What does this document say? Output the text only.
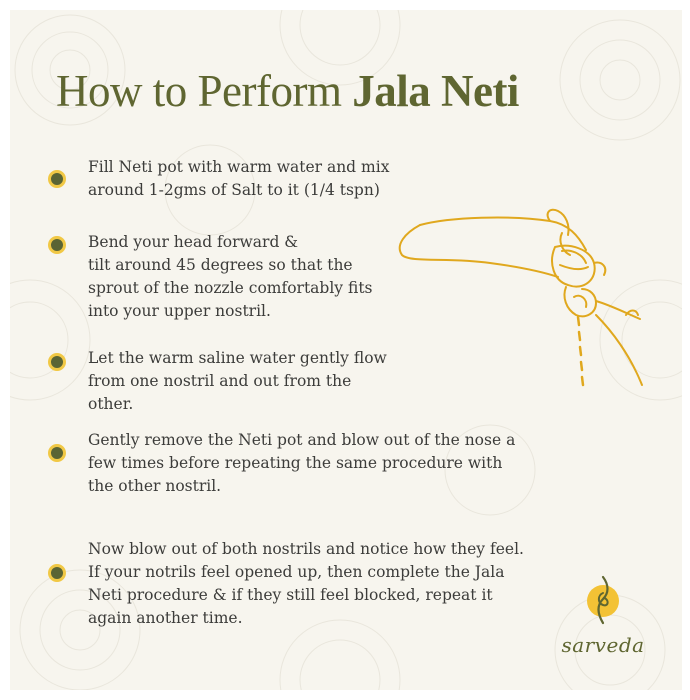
How to Perform Jala Neti

Fill Neti pot with warm water and mix
around 1-2gms of Salt to it (1/4 tspn)

Bend your head forward &
tilt around 45 degrees so that the
sprout of the nozzle comfortably fits
into your upper nostril.

Let the warm saline water gently flow
from one nostril and out from the
other.

Gently remove the Neti pot and blow out of the nose a
few times before repeating the same procedure with
the other nostril.

Now blow out of both nostrils and notice how they feel.
If your notrils feel opened up, then complete the Jala
Neti procedure & if they still feel blocked, repeat it
again another time.

sarveda
